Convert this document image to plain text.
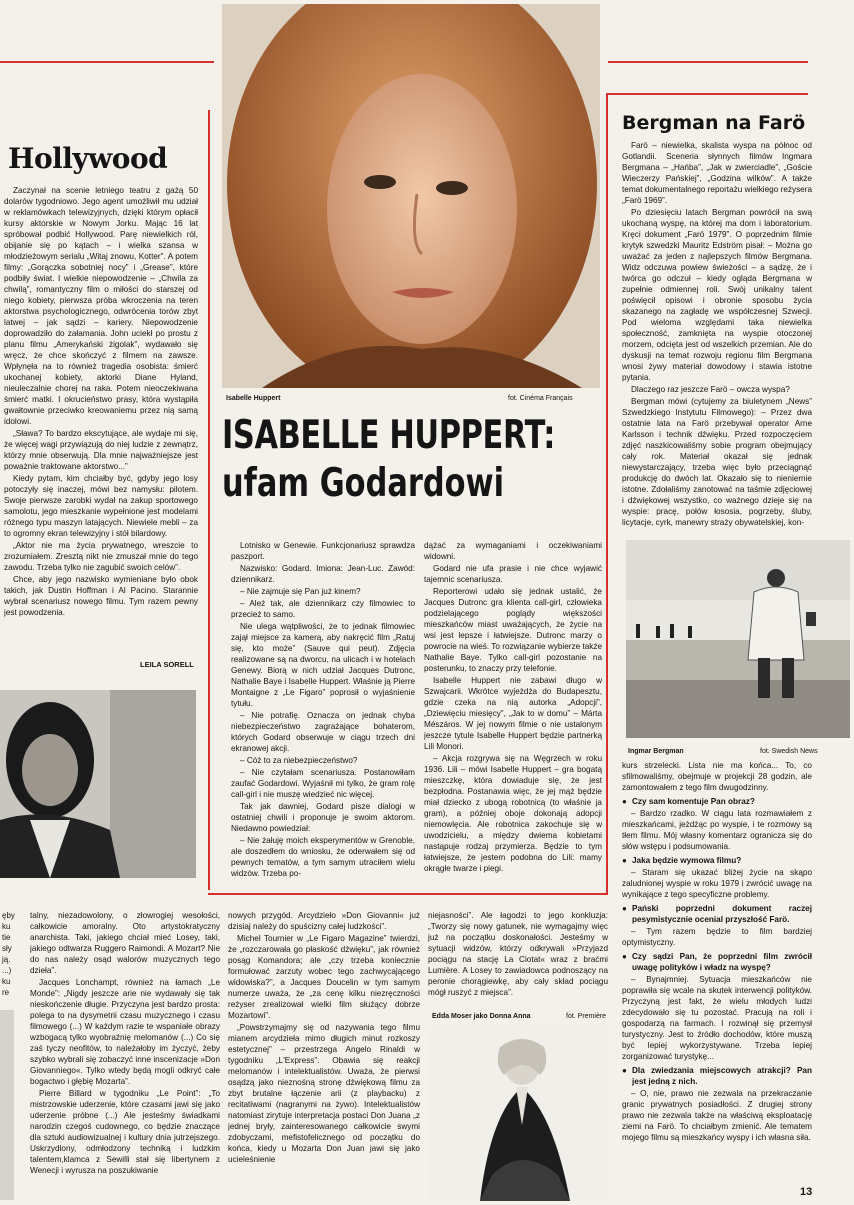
Hollywood

Zaczynał na scenie letniego teatru z gażą 50 dolarów tygodniowo. Jego agent umożliwił mu udział w reklamówkach telewizyjnych, dzięki którym opłacił kursy aktorskie w Nowym Jorku. Mając 16 lat spróbował podbić Hollywood. Parę niewielkich ról, obijanie się po kątach – i wielka szansa w młodzieżowym serialu „Witaj znowu, Kotter”. A potem filmy: „Gorączka sobotniej nocy” i „Grease”, które podbiły świat. I wielkie niepowodzenie – „Chwila za chwilą”, romantyczny film o miłości do starszej od niego kobiety, pierwsza próba wkroczenia na teren aktorstwa psychologicznego, odwrócenia torów zbyt latwej – jak sądzi – kariery. Niepowodzenie doprowadziło do załamania. John uciekł po prostu z planu filmu „Amerykański żigolak”, wydawało się wręcz, że chce skończyć z filmem na zawsze. Wpłynęła na to również tragedia osobista: śmierć ukochanej kobiety, aktorki Diane Hyland, nieuleczalnie chorej na raka. Potem nieoczekiwana śmierć matki. I okrucieństwo prasy, która wystąpiła gwałtownie przeciwko kreowaniemu przez nią samą idolowi.

„Sława? To bardzo ekscytujące, ale wydaje mi się, że więcej wagi przywiązują do niej ludzie z zewnątrz, którzy mnie obserwują. Dla mnie najważniejsze jest poważnie traktowane aktorstwo...”

Kiedy pytam, kim chciałby być, gdyby jego losy potoczyły się inaczej, mówi bez namysłu: pilotem. Swoje pierwsze zarobki wydał na zakup sportowego samolotu, jego mieszkanie wypełnione jest modelami różnego typu maszyn latających. Niewiele mebli – za to ogromny ekran telewizyjny i stół bilardowy.

„Aktor nie ma życia prywatnego, wreszcie to zrozumiałem. Zresztą nikt nie zmuszał mnie do tego zawodu. Trzeba tylko nie zagubić swoich celów”.

Chce, aby jego nazwisko wymieniane było obok takich, jak Dustin Hoffman i Al Pacino. Starannie wybrał scenariusz nowego filmu. Tym razem pewny jest powodzenia.

LEILA SORELL
Isabelle Huppert	fot. Cinéma Français
ISABELLE HUPPERT:
ufam Godardowi

Lotnisko w Genewie. Funkcjonariusz sprawdza paszport.

Nazwisko: Godard. Imiona: Jean-Luc. Zawód: dziennikarz.

– Nie zajmuje się Pan już kinem?

– Ależ tak, ale dziennikarz czy filmowiec to przecież to samo.

Nie ulega wątpliwości, że to jednak filmowiec zajął miejsce za kamerą, aby nakręcić film „Ratuj się, kto może” (Sauve qui peut). Zdjęcia realizowane są na dworcu, na ulicach i w hotelach Genewy. Biorą w nich udział Jacques Dutronc, Nathalie Baye i Isabelle Huppert. Właśnie ją Pierre Montaigne z „Le Figaro” poprosił o wyjaśnienie tytułu.

– Nie potrafię. Oznacza on jednak chyba niebezpieczeństwo zagrażające bohaterom, których Godard obserwuje w ciągu trzech dni ekranowej akcji.

– Cóż to za niebezpieczeństwo?

– Nie czytałam scenariusza. Postanowiłam zaufać Godardowi. Wyjaśnił mi tylko, że gram rolę call-girl i nie muszę wiedzieć nic więcej.

Tak jak dawniej, Godard pisze dialogi w ostatniej chwili i proponuje je swoim aktorom. Niedawno powiedział:

– Nie żałuję moich eksperymentów w Grenoble, ale doszedłem do wniosku, że oderwałem się od pewnych tematów, a tym samym utraciłem wielu widzów. Trzeba po-

dążać za wymaganiami i oczekiwaniami widowni.

Godard nie ufa prasie i nie chce wyjawić tajemnic scenariusza.

Reporterowi udało się jednak ustalić, że Jacques Dutronc gra klienta call-girl, człowieka podzielającego poglądy większości mieszkańców miast uważających, że życie na wsi jest lepsze i łatwiejsze. Dutronc marzy o powrocie na wieś. To rozwiązanie wybierze także Nathalie Baye. Tylko call-girl pozostanie na posterunku, to znaczy przy telefonie.

Isabelle Huppert nie zabawi długo w Szwajcarii. Wkrótce wyjeżdża do Budapesztu, gdzie czeka na nią autorka „Adopcji”, „Dziewięciu miesięcy”, „Jak to w domu” – Márta Mészáros. W jej nowym filmie o nie ustalonym jeszcze tytule Isabelle Huppert będzie partnerką Lili Monori.

– Akcja rozgrywa się na Węgrzech w roku 1936. Lili – mówi Isabelle Huppert – gra bogatą mieszczkę, która dowiaduje się, że jest bezpłodna. Postanawia więc, że jej mąż będzie miał dziecko z ubogą robotnicą (to właśnie ja gram), a później oboje dokonają adopcji niemowlęcia. Ale robotnica zakochuje się w uwodzicielu, a między dwiema kobietami nastąpuje rodzaj przymierza. Będzie to tym łatwiejsze, że jestem podobna do Lili: mamy okrągłe twarze i piegi.

Bergman na Farö

Farö – niewielka, skalista wyspa na północ od Gotlandii. Sceneria słynnych filmów Ingmara Bergmana – „Hańba”, „Jak w zwierciadle”, „Goście Wieczerzy Pańskiej”, „Godzina wilków”. A także temat dokumentalnego reportażu wielkiego reżysera „Farö 1969”.

Po dziesięciu latach Bergman powrócił na swą ukochaną wyspę, na której ma dom i laboratorium. Kręci dokument „Farö 1979”. O poprzednim filmie krytyk szwedzki Mauritz Edström pisał: – Można go uważać za jeden z najlepszych filmów Bergmana. Widz odczuwa powiew świeżości – a sądzę, że i twórca go odczuł – kiedy ogląda Bergmana w zupełnie odmiennej roli. Swój unikalny talent poświęcił opisowi i obronie sposobu życia skazanego na zagładę we współczesnej Szwecji. Pod wieloma względami taka niewielka społeczność, zamknięta na wyspie otoczonej morzem, odcięta jest od wszelkich przemian. Ale do dyskusji na temat rozwoju regionu film Bergmana wnosi żywy materiał dowodowy i stawia istotne pytania.

Dlaczego raz jeszcze Farö – owcza wyspa?

Bergman mówi (cytujemy za biuletynem „News” Szwedzkiego Instytutu Filmowego): – Przez dwa ostatnie lata na Farö przebywał operator Arne Karlsson i technik dźwięku. Przed rozpoczęciem zdjęć naszkicowaliśmy sobie program obejmujący cały rok. Materiał okazał się jednak niewystarczający, trzeba więc było przeciągnąć produkcję do dwóch lat. Okazało się to nieniernie istotne. Zdołaliśmy zanotować na taśmie zdjęciowej i dźwiękowej wszystko, co ważnego dzieje się na wyspie: pracę, połów łososia, pogrzeby, śluby, licytacje, cyrk, manewry straży obywatelskiej, kon-

Ingmar Bergman	fot. Swedish News

kurs strzelecki. Lista nie ma końca... To, co sfilmowaliśmy, obejmuje w projekcji 28 godzin, ale zamontowałem z tego film dwugodzinny.

● Czy sam komentuje Pan obraz?

– Bardzo rzadko. W ciągu lata rozmawiałem z mieszkańcami, jeżdżąc po wyspie, i te rozmowy są tłem filmu. Mój własny komentarz ogranicza się do słów wstępu i podsumowania.

● Jaka będzie wymowa filmu?

– Staram się ukazać bliżej życie na skąpo zaludnionej wyspie w roku 1979 i zwrócić uwagę na wynikające z tego specyficzne problemy.

● Pański poprzedni dokument raczej pesymistycznie ocenial przyszłość Farö.

– Tym razem będzie to film bardziej optymistyczny.

● Czy sądzi Pan, że poprzedni film zwrócił uwagę polityków i władz na wyspę?

– Bynajmniej. Sytuacja mieszkańców nie poprawiła się wcale na skutek interwencji polityków. Przyczyną jest fakt, że wielu młodych ludzi zdecydowało się tu pozostać. Pracują na roli i gospodarzą na farmach. I rozwinął się przemysł turystyczny. Jest to źródło dochodów, które muszą być lepiej wykorzystywane. Trzeba lepiej zorganizować turystykę...

● Dla zwiedzania miejscowych atrakcji? Pan jest jedną z nich.

– O, nie, prawo nie zezwala na przekraczanie granic prywatnych posiadłości. Z drugiej strony prawo nie zezwala także na właściwą eksploatację ziemi na Farö. To chciałbym zmienić. Ale tematem mojego filmu są mieszkańcy wyspy i ich własna siła.

ęby
ku
tie
sły
ją.
...)
ku
re

talny, niezadowolony, o złowrogiej wesołości, całkowicie amoralny. Oto artystokratyczny anarchista. Taki, jakiego chciał mieć Losey, taki, jakiego odtwarza Ruggero Raimondi. A Mozart? Nie do nas należy osąd walorów muzycznych tego dzieła”.

Jacques Lonchampt, również na łamach „Le Monde”: „Nigdy jeszcze arie nie wydawały się tak nieskończenie długie. Przyczyna jest bardzo prosta: polega to na dysymetrii czasu muzycznego i czasu filmowego (...) W każdym razie te wspaniałe obrazy wzbogacą tylko wyobraźnię melomanów (...) Co się zaś tyczy neofitów, to należałoby im życzyć, żeby szybko wybrali się zobaczyć inne inscenizacje »Don Giovanniego«. Tylko wtedy będą mogli odkryć całe bogactwo i głębię Mozarta”.

Pierre Billard w tygodniku „Le Point”: „To mistrzowskie uderzenie, które czasami jawi się jako uderzenie próbne (...) Ale jesteśmy świadkami narodzin czegoś cudownego, co będzie znaczące dla sztuki audiowizualnej i kultury dnia jutrzejszego. Uskrzydlony, odmłodzony techniką i ludzkim talentem,klamca z Sewilli stał się libertynem z Wenecji i wyrusza na poszukiwanie

nowych przygód. Arcydzieło »Don Giovanni« już dzisiaj należy do spuścizny całej ludzkości”.

Michel Tournier w „Le Figaro Magazine” twierdzi, że „rozczarowała go płaskość dźwięku”, jak również posąg Komandora; ale „czy trzeba koniecznie formułować zarzuty wobec tego zachwycającego widowiska?”, a Jacques Doucelin w tym samym numerze uważa, że „za cenę kilku niezręczności reżyser zrealizował wielki film służący dobrze Mozartowi”.

„Powstrzymajmy się od nazywania tego filmu mianem arcydzieła mimo długich minut rozkoszy estetycznej” – przestrzega Angelo Rinaldi w tygodniku „L'Express”. Obawia się reakcji melomanów i intelektualistów. Uważa, że pierwsi osądzą jako nieznośną stronę dźwiękową filmu za zbyt brutalne łączenie arii (z playbacku) z recitatiwami (nagranymi na żywo). Intelektualistów natomiast zirytuje interpretacja postaci Don Juana „z jednej bryły, zainteresowanego całkowicie swymi zdobyczami, mefistofelicznego od początku do końca, kiedy u Mozarta Don Juan jawi się jako ucieleśnienie

niejasności”. Ale łagodzi to jego konkluzja: „Tworzy się nowy gatunek, nie wymagajmy więc już na początku doskonałości. Jesteśmy w sytuacji widzów, którzy odkrywali »Przyjazd pociągu na stację La Ciotat« wraz z braćmi Lumière. A Losey to zawiadowca podnoszący na peronie chorągiewkę, aby cały skład pociągu mógł ruszyć z miejsca”.

Edda Moser jako Donna Anna	fot. Première
13
